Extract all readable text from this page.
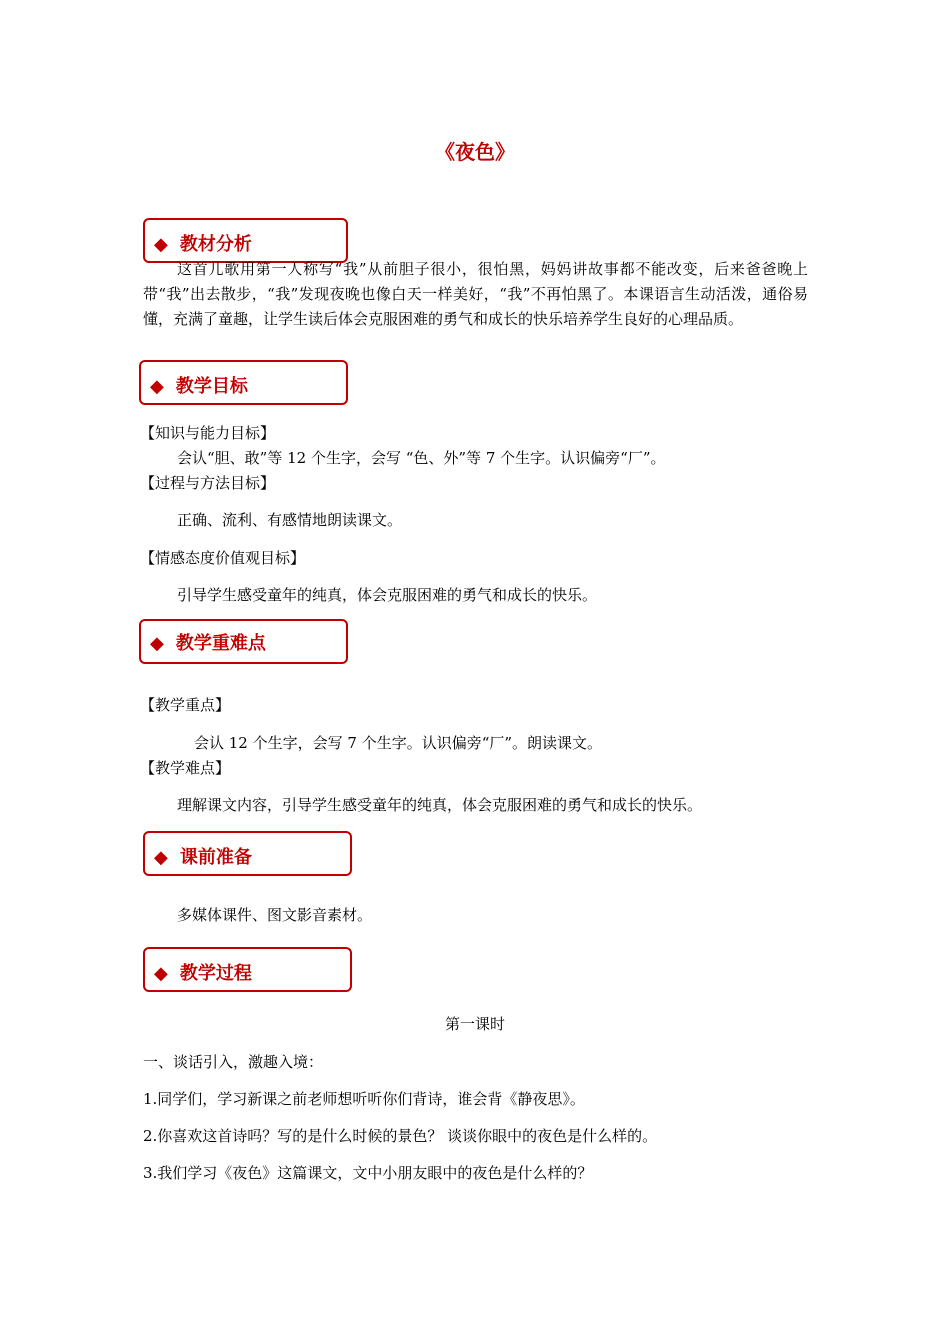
《夜色》
◆ 教材分析
这首儿歌用第一人称写“我”从前胆子很小，很怕黑，妈妈讲故事都不能改变，后来爸爸晚上带“我”出去散步，“我”发现夜晚也像白天一样美好，“我”不再怕黑了。本课语言生动活泼，通俗易懂，充满了童趣，让学生读后体会克服困难的勇气和成长的快乐培养学生良好的心理品质。
◆ 教学目标
【知识与能力目标】
会认“胆、敢”等 12 个生字，会写 “色、外”等 7 个生字。认识偏旁“厂”。
【过程与方法目标】
正确、流利、有感情地朗读课文。
【情感态度价值观目标】
引导学生感受童年的纯真，体会克服困难的勇气和成长的快乐。
◆ 教学重难点
【教学重点】
会认 12 个生字，会写 7 个生字。认识偏旁“厂”。朗读课文。
【教学难点】
理解课文内容，引导学生感受童年的纯真，体会克服困难的勇气和成长的快乐。
◆ 课前准备
多媒体课件、图文影音素材。
◆ 教学过程
第一课时
一、谈话引入，激趣入境：
1.同学们，学习新课之前老师想听听你们背诗，谁会背《静夜思》。
2.你喜欢这首诗吗？写的是什么时候的景色？ 谈谈你眼中的夜色是什么样的。
3.我们学习《夜色》这篇课文，文中小朋友眼中的夜色是什么样的？
